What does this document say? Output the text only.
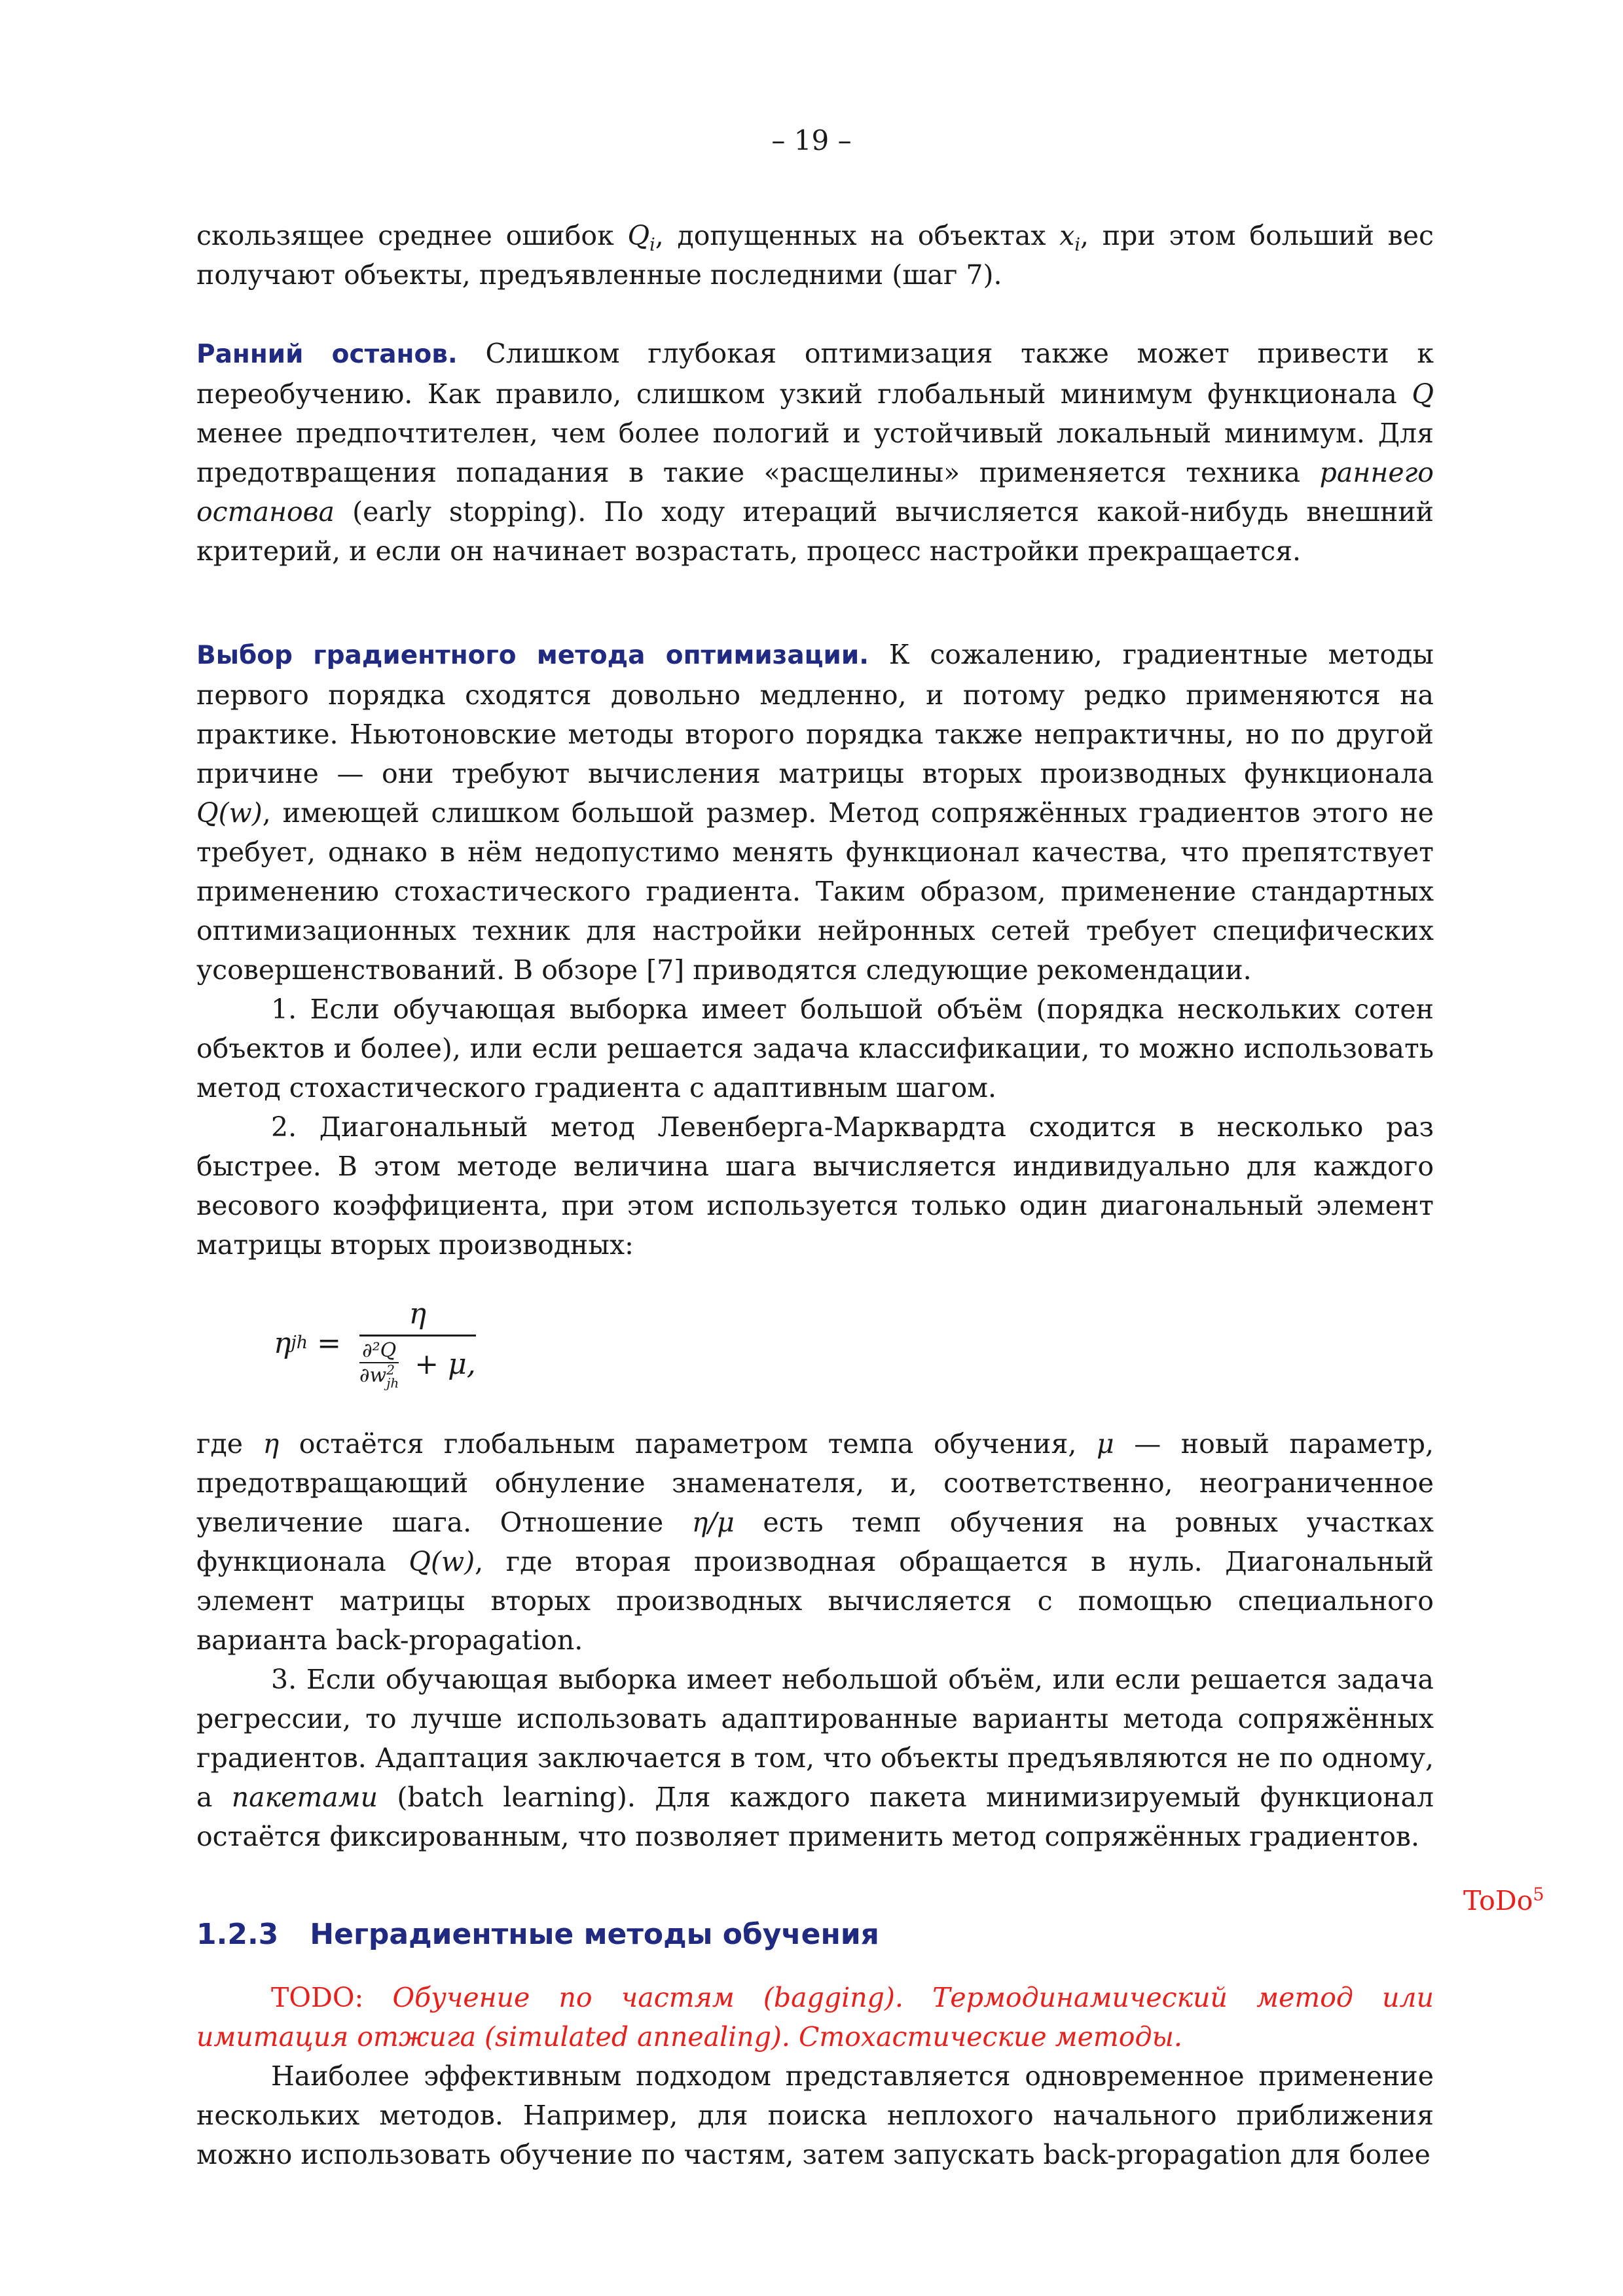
– 19 –

скользящее среднее ошибок $Q_i$, допущенных на объектах $x_i$, при этом больший вес получают объекты, предъявленные последними (шаг 7).

Ранний останов. Слишком глубокая оптимизация также может привести к переобучению. Как правило, слишком узкий глобальный минимум функционала Q менее предпочтителен, чем более пологий и устойчивый локальный минимум. Для предотвращения попадания в такие «расщелины» применяется техника раннего останова (early stopping). По ходу итераций вычисляется какой-нибудь внешний критерий, и если он начинает возрастать, процесс настройки прекращается.

Выбор градиентного метода оптимизации. К сожалению, градиентные методы первого порядка сходятся довольно медленно, и потому редко применяются на практике. Ньютоновские методы второго порядка также непрактичны, но по другой причине — они требуют вычисления матрицы вторых производных функционала Q(w), имеющей слишком большой размер. Метод сопряжённых градиентов этого не требует, однако в нём недопустимо менять функционал качества, что препятствует применению стохастического градиента. Таким образом, применение стандартных оптимизационных техник для настройки нейронных сетей требует специфических усовершенствований. В обзоре [7] приводятся следующие рекомендации.

1. Если обучающая выборка имеет большой объём (порядка нескольких сотен объектов и более), или если решается задача классификации, то можно использовать метод стохастического градиента с адаптивным шагом.

2. Диагональный метод Левенберга-Марквардта сходится в несколько раз быстрее. В этом методе величина шага вычисляется индивидуально для каждого весового коэффициента, при этом используется только один диагональный элемент матрицы вторых производных:

η jh = η
∂²Q
∂w 2
jh + μ,

где η остаётся глобальным параметром темпа обучения, μ — новый параметр, предотвращающий обнуление знаменателя, и, соответственно, неограниченное увеличение шага. Отношение η/μ есть темп обучения на ровных участках функционала Q(w), где вторая производная обращается в нуль. Диагональный элемент матрицы вторых производных вычисляется с помощью специального варианта back-propagation.

3. Если обучающая выборка имеет небольшой объём, или если решается задача регрессии, то лучше использовать адаптированные варианты метода сопряжённых градиентов. Адаптация заключается в том, что объекты предъявляются не по одному, а пакетами (batch learning). Для каждого пакета минимизируемый функционал остаётся фиксированным, что позволяет применить метод сопряжённых градиентов.

1.2.3 Неградиентные методы обучения

TODO: Обучение по частям (bagging). Термодинамический метод или имитация отжига (simulated annealing). Стохастические методы.

Наиболее эффективным подходом представляется одновременное применение нескольких методов. Например, для поиска неплохого начального приближения можно использовать обучение по частям, затем запускать back-propagation для более

ToDo$^5$
